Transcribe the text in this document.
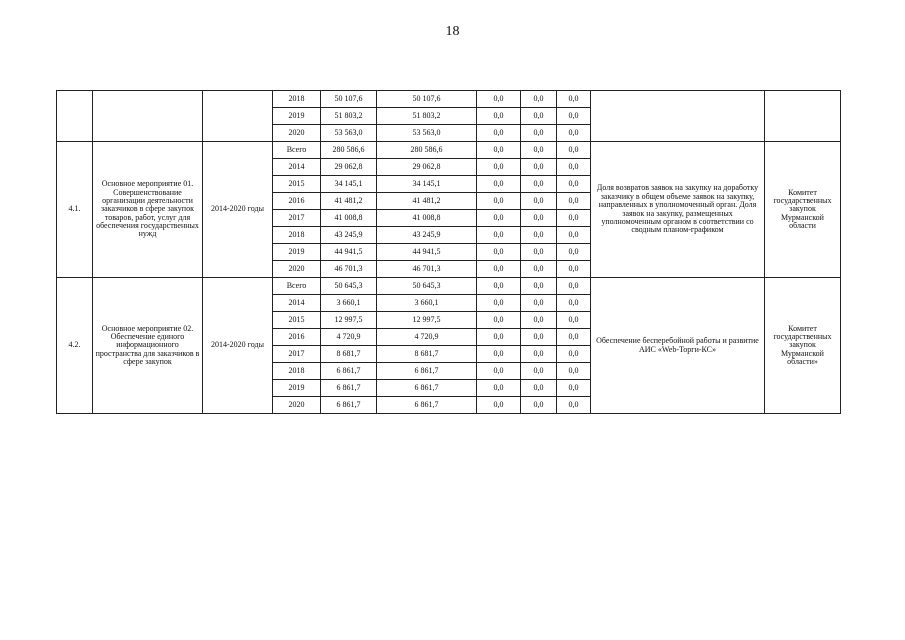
18
			2018	50 107,6	50 107,6	0,0	0,0	0,0		
			2019	51 803,2	51 803,2	0,0	0,0	0,0		
			2020	53 563,0	53 563,0	0,0	0,0	0,0		
4.1.	Основное мероприятие 01. Совершенствование организации деятельности заказчиков в сфере закупок товаров, работ, услуг для обеспечения государственных нужд	2014-2020 годы	Всего	280 586,6	280 586,6	0,0	0,0	0,0	Доля возвратов заявок на закупку на доработку заказчику в общем объеме заявок на закупку, направленных в уполномоченный орган. Доля заявок на закупку, размещенных уполномоченным органом в соответствии со сводным планом-графиком	Комитет государственных закупок Мурманской области
			2014	29 062,8	29 062,8	0,0	0,0	0,0		
			2015	34 145,1	34 145,1	0,0	0,0	0,0		
			2016	41 481,2	41 481,2	0,0	0,0	0,0		
			2017	41 008,8	41 008,8	0,0	0,0	0,0		
			2018	43 245,9	43 245,9	0,0	0,0	0,0		
			2019	44 941,5	44 941,5	0,0	0,0	0,0		
			2020	46 701,3	46 701,3	0,0	0,0	0,0		
4.2.	Основное мероприятие 02. Обеспечение единого информационного пространства для заказчиков в сфере закупок	2014-2020 годы	Всего	50 645,3	50 645,3	0,0	0,0	0,0	Обеспечение бесперебойной работы и развитие АИС «Web-Торги-КС»	Комитет государственных закупок Мурманской области»
			2014	3 660,1	3 660,1	0,0	0,0	0,0		
			2015	12 997,5	12 997,5	0,0	0,0	0,0		
			2016	4 720,9	4 720,9	0,0	0,0	0,0		
			2017	8 681,7	8 681,7	0,0	0,0	0,0		
			2018	6 861,7	6 861,7	0,0	0,0	0,0		
			2019	6 861,7	6 861,7	0,0	0,0	0,0		
			2020	6 861,7	6 861,7	0,0	0,0	0,0		
